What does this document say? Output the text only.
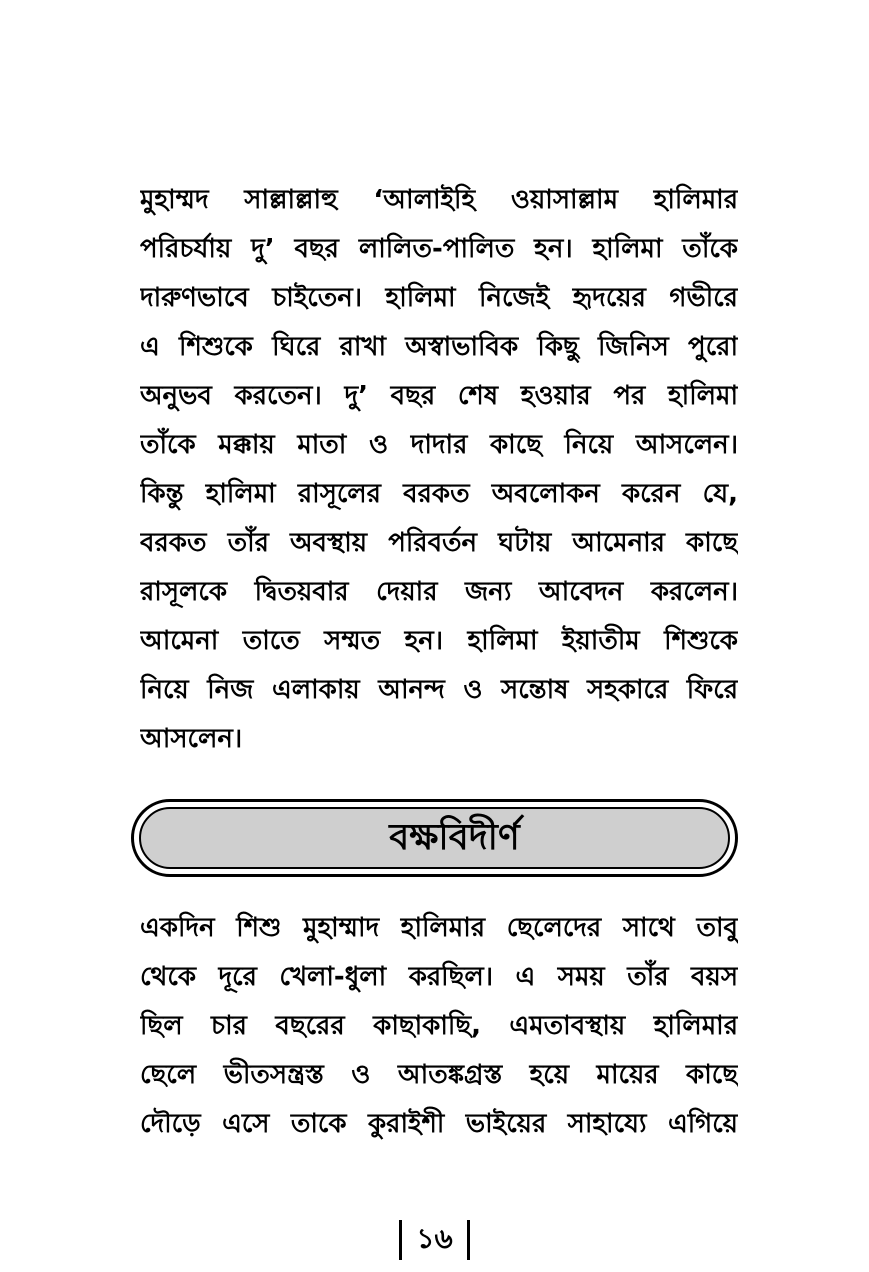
মুহাম্মদ সাল্লাল্লাহু ‘আলাইহি ওয়াসাল্লাম হালিমার
পরিচর্যায় দু’ বছর লালিত-পালিত হন। হালিমা তাঁকে
দারুণভাবে চাইতেন। হালিমা নিজেই হৃদয়ের গভীরে
এ শিশুকে ঘিরে রাখা অস্বাভাবিক কিছু জিনিস পুরো
অনুভব করতেন। দু’ বছর শেষ হওয়ার পর হালিমা
তাঁকে মক্কায় মাতা ও দাদার কাছে নিয়ে আসলেন।
কিন্তু হালিমা রাসূলের বরকত অবলোকন করেন যে,
বরকত তাঁর অবস্থায় পরিবর্তন ঘটায় আমেনার কাছে
রাসূলকে দ্বিতয়বার দেয়ার জন্য আবেদন করলেন।
আমেনা তাতে সম্মত হন। হালিমা ইয়াতীম শিশুকে
নিয়ে নিজ এলাকায় আনন্দ ও সন্তোষ সহকারে ফিরে
আসলেন।
বক্ষবিদীর্ণ
একদিন শিশু মুহাম্মাদ হালিমার ছেলেদের সাথে তাবু
থেকে দূরে খেলা-ধুলা করছিল। এ সময় তাঁর বয়স
ছিল চার বছরের কাছাকাছি, এমতাবস্থায় হালিমার
ছেলে ভীতসন্ত্রস্ত ও আতঙ্কগ্রস্ত হয়ে মায়ের কাছে
দৌড়ে এসে তাকে কুরাইশী ভাইয়ের সাহায্যে এগিয়ে
১৬
